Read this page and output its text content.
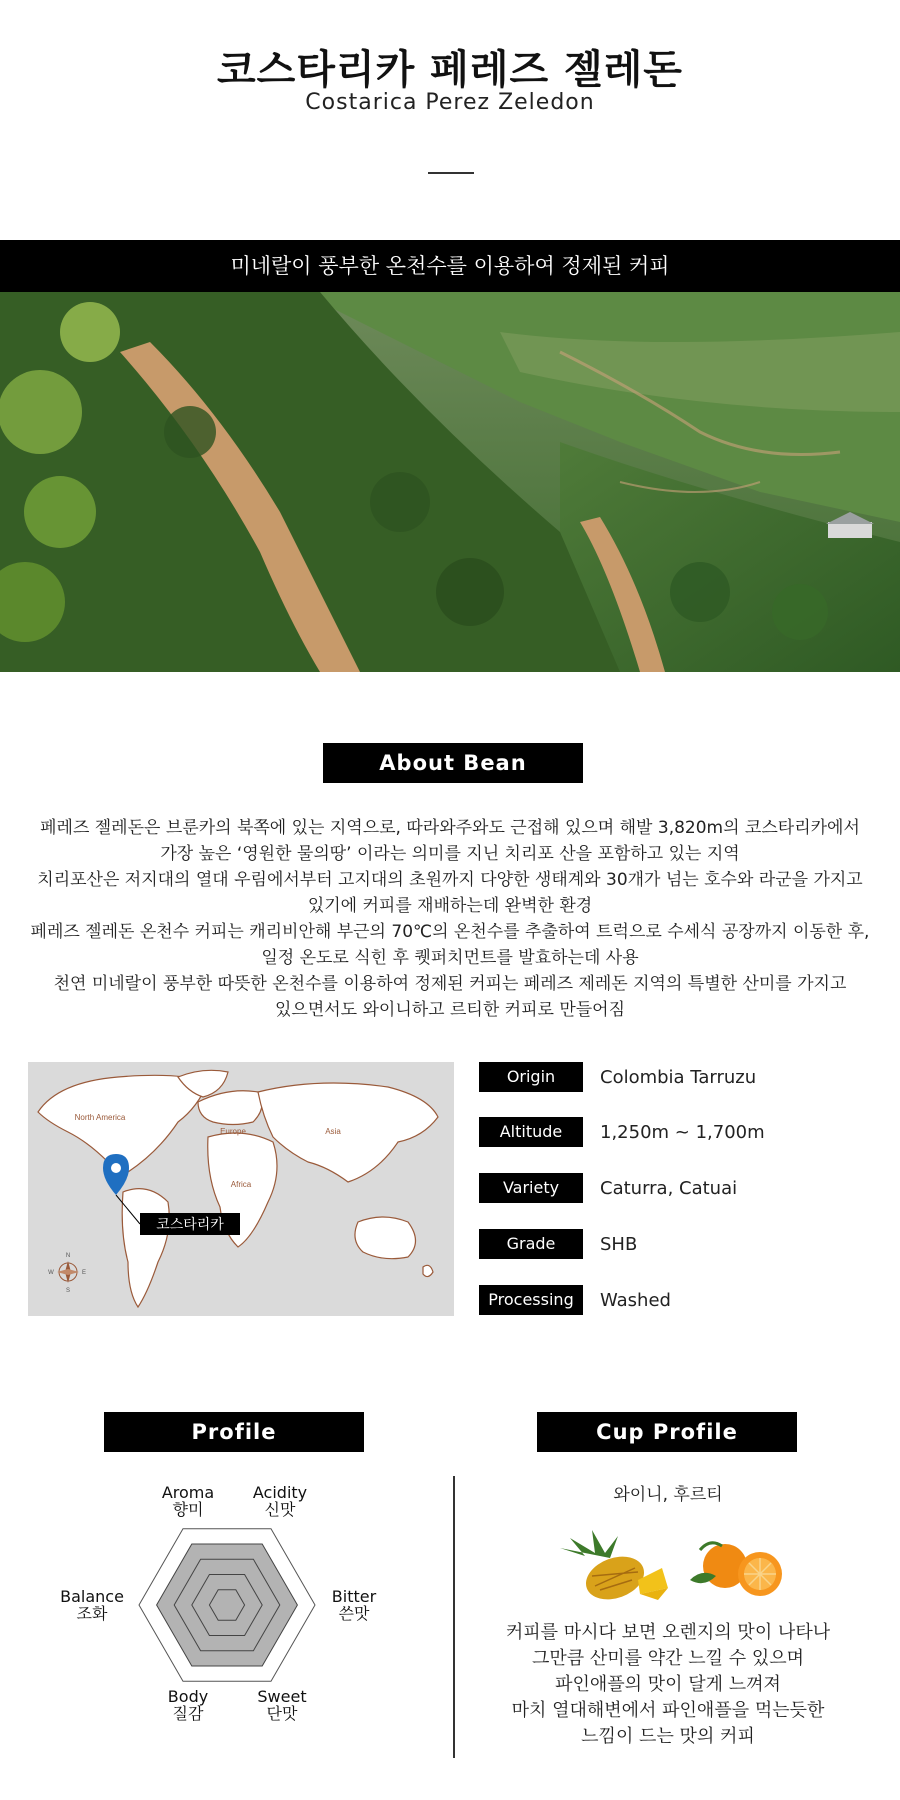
코스타리카 페레즈 젤레돈
Costarica Perez Zeledon
미네랄이 풍부한 온천수를 이용하여 정제된 커피
About Bean
페레즈 젤레돈은 브룬카의 북쪽에 있는 지역으로, 따라와주와도 근접해 있으며 해발 3,820m의 코스타리카에서
가장 높은 ‘영원한 물의땅’ 이라는 의미를 지닌 치리포 산을 포함하고 있는 지역
치리포산은 저지대의 열대 우림에서부터 고지대의 초원까지 다양한 생태계와 30개가 넘는 호수와 라군을 가지고
있기에 커피를 재배하는데 완벽한 환경
페레즈 젤레돈 온천수 커피는 캐리비안해 부근의 70℃의 온천수를 추출하여 트럭으로 수세식 공장까지 이동한 후,
일정 온도로 식힌 후 퀫퍼치먼트를 발효하는데 사용
천연 미네랄이 풍부한 따뜻한 온천수를 이용하여 정제된 커피는 페레즈 제레돈 지역의 특별한 산미를 가지고
있으면서도 와이니하고 르티한 커피로 만들어짐
North America
Europe	Asia
Africa
코스타리카
N
S
E
W
Origin	Colombia Tarruzu
Altitude	1,250m ~ 1,700m
Variety	Caturra, Catuai
Grade	SHB
Processing	Washed
Profile
Aroma
향미
Acidity
신맛
Bitter
쓴맛
Sweet
단맛
Body
질감
Balance
조화
Cup Profile
와이니, 후르티
커피를 마시다 보면 오렌지의 맛이 나타나
그만큼 산미를 약간 느낄 수 있으며
파인애플의 맛이 달게 느껴져
마치 열대해변에서 파인애플을 먹는듯한
느낌이 드는 맛의 커피
